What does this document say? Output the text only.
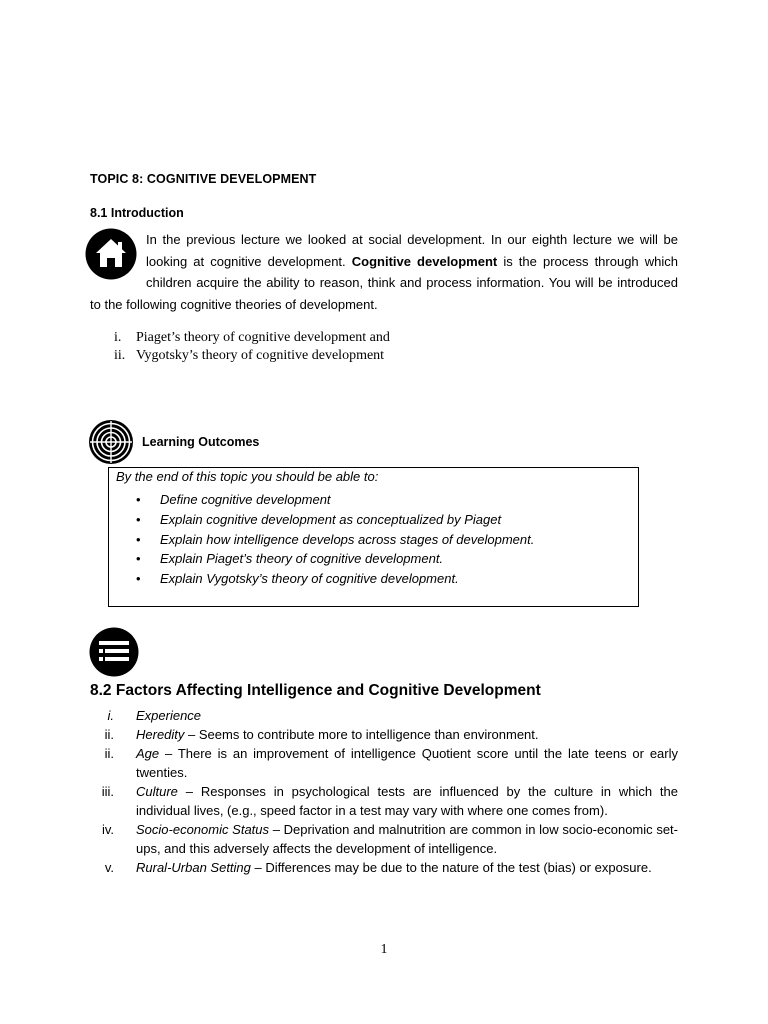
TOPIC 8: COGNITIVE DEVELOPMENT
8.1 Introduction
In the previous lecture we looked at social development. In our eighth lecture we will be looking at cognitive development. Cognitive development is the process through which children acquire the ability to reason, think and process information. You will be introduced to the following cognitive theories of development.
i.	Piaget’s theory of cognitive development and
ii. Vygotsky’s theory of cognitive development
Learning Outcomes
By the end of this topic you should be able to:
•	Define cognitive development
•	Explain cognitive development as conceptualized by Piaget
•	Explain how intelligence develops across stages of development.
•	Explain Piaget’s theory of cognitive development.
•	Explain Vygotsky’s theory of cognitive development.
8.2 Factors Affecting Intelligence and Cognitive Development
i.	Experience
ii.	Heredity – Seems to contribute more to intelligence than environment.
ii.	Age – There is an improvement of intelligence Quotient score until the late teens or early twenties.
iii.	Culture – Responses in psychological tests are influenced by the culture in which the individual lives, (e.g., speed factor in a test may vary with where one comes from).
iv.	Socio-economic Status – Deprivation and malnutrition are common in low socio-economic set-ups, and this adversely affects the development of intelligence.
v.	Rural-Urban Setting – Differences may be due to the nature of the test (bias) or exposure.
1
